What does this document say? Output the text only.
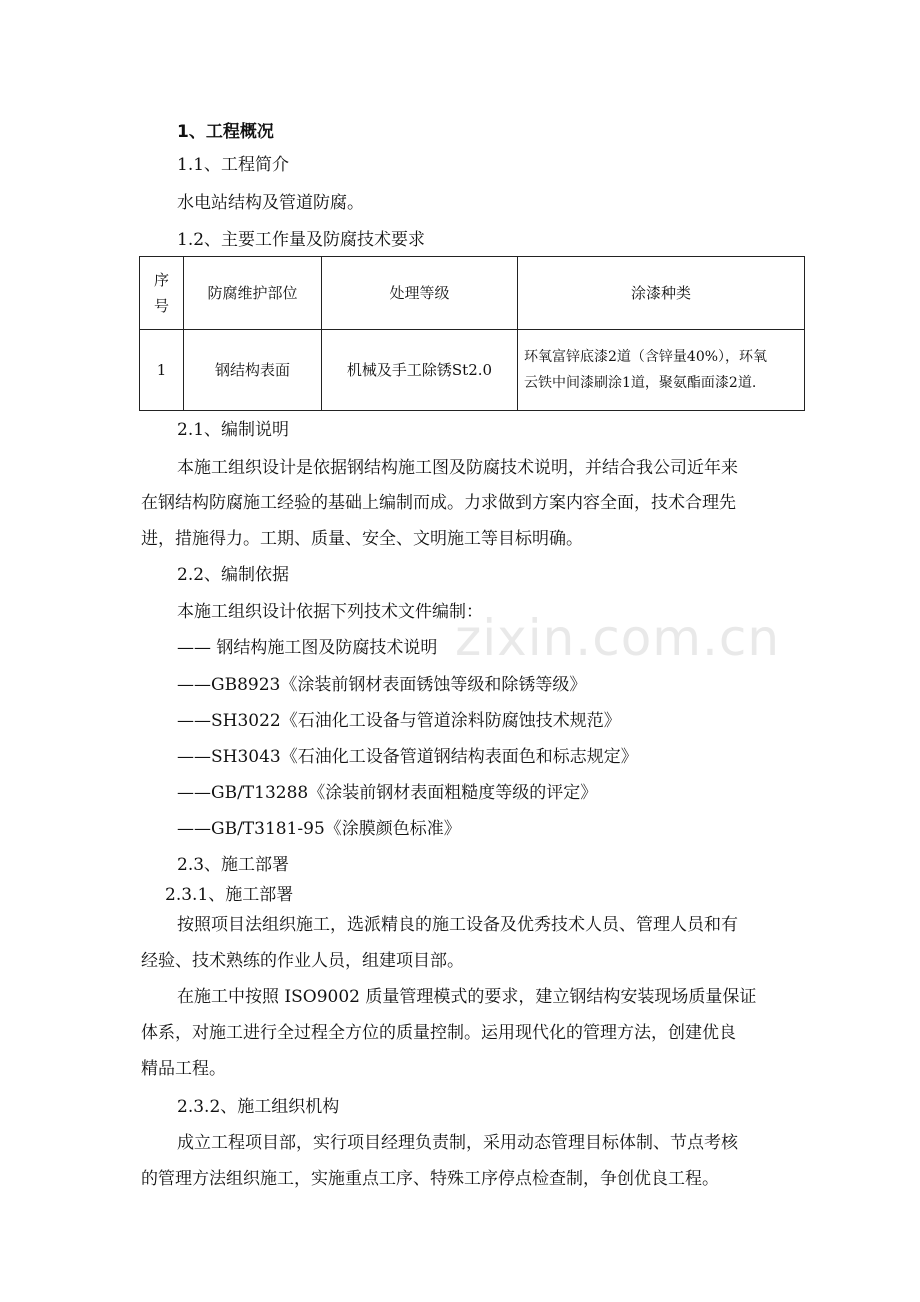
zixin.com.cn
1、工程概况
1.1、工程简介
水电站结构及管道防腐。
1.2、主要工作量及防腐技术要求
序
号	防腐维护部位	处理等级	涂漆种类
1	钢结构表面	机械及手工除锈St2.0	环氧富锌底漆2道（含锌量40%），环氧
云铁中间漆刷涂1道，聚氨酯面漆2道.
2.1、编制说明
本施工组织设计是依据钢结构施工图及防腐技术说明，并结合我公司近年来
在钢结构防腐施工经验的基础上编制而成。力求做到方案内容全面，技术合理先
进，措施得力。工期、质量、安全、文明施工等目标明确。
2.2、编制依据
本施工组织设计依据下列技术文件编制：
—— 钢结构施工图及防腐技术说明
——GB8923《涂装前钢材表面锈蚀等级和除锈等级》
——SH3022《石油化工设备与管道涂料防腐蚀技术规范》
——SH3043《石油化工设备管道钢结构表面色和标志规定》
——GB/T13288《涂装前钢材表面粗糙度等级的评定》
——GB/T3181-95《涂膜颜色标准》
2.3、施工部署
2.3.1、施工部署
按照项目法组织施工，选派精良的施工设备及优秀技术人员、管理人员和有
经验、技术熟练的作业人员，组建项目部。
在施工中按照 ISO9002 质量管理模式的要求，建立钢结构安装现场质量保证
体系，对施工进行全过程全方位的质量控制。运用现代化的管理方法，创建优良
精品工程。
2.3.2、施工组织机构
成立工程项目部，实行项目经理负责制，采用动态管理目标体制、节点考核
的管理方法组织施工，实施重点工序、特殊工序停点检查制，争创优良工程。
